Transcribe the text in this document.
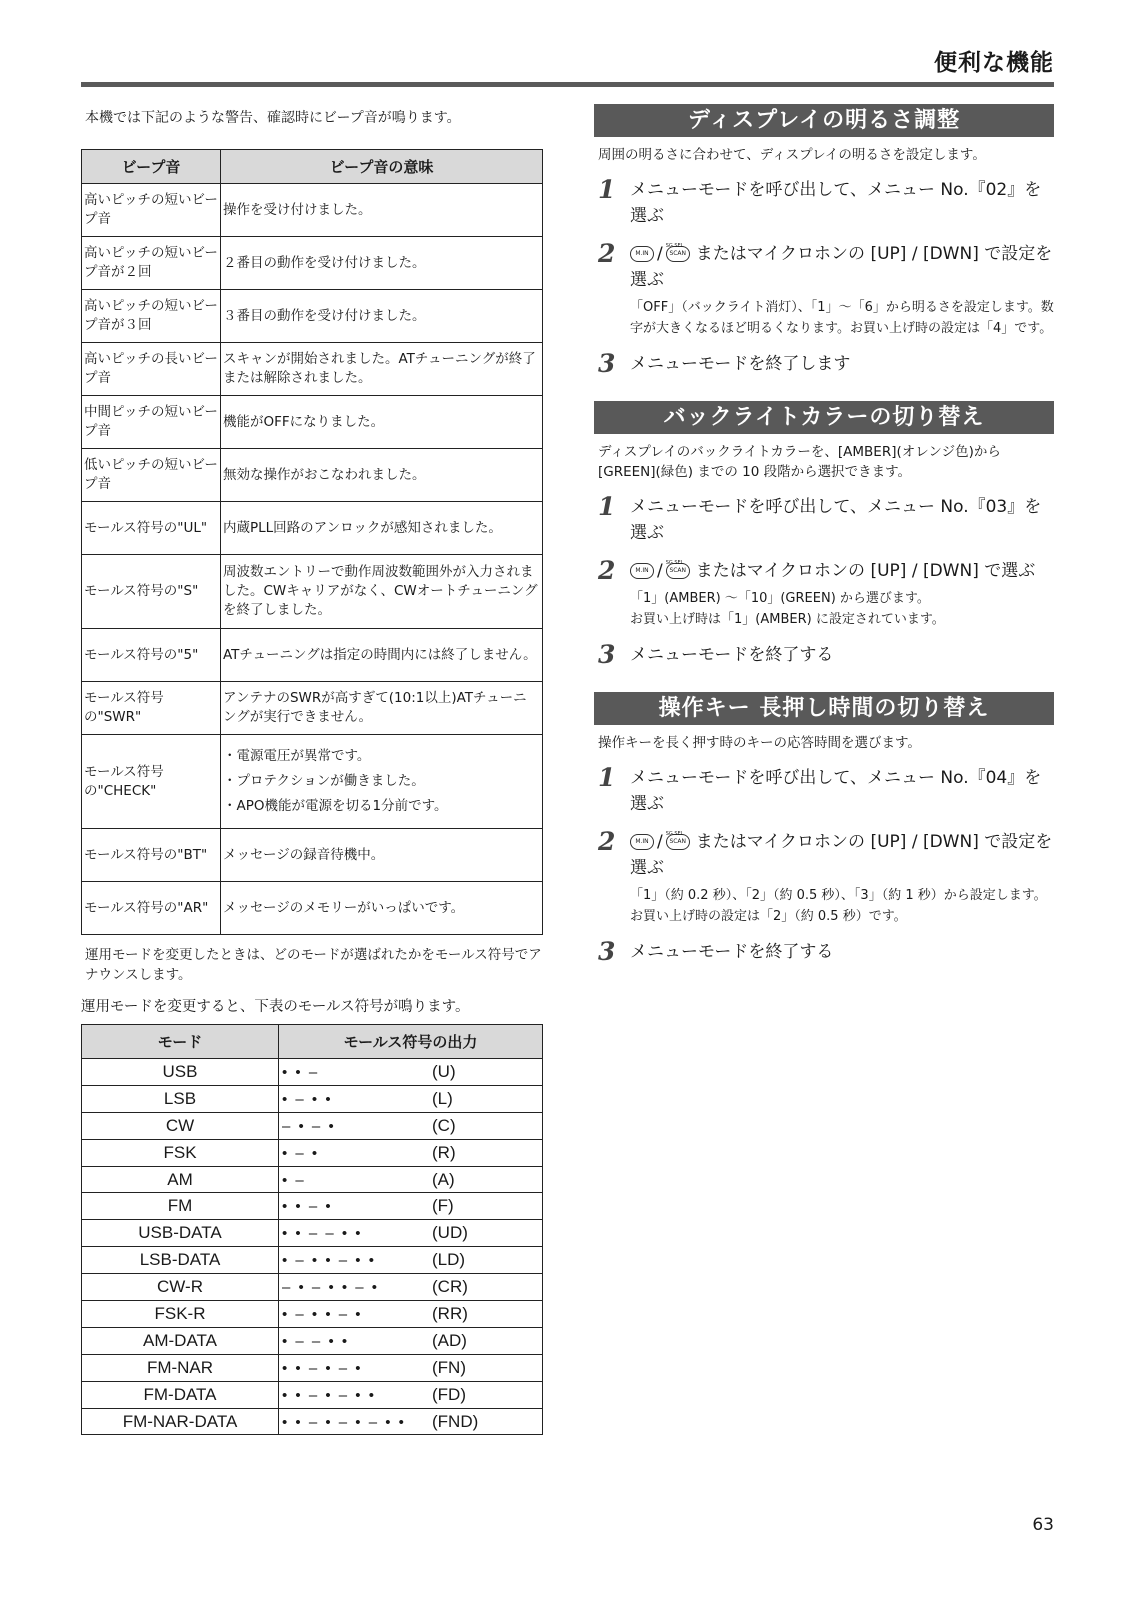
便利な機能
本機では下記のような警告、確認時にビープ音が鳴ります。
ビープ音	ビープ音の意味
高いピッチの短いビープ音	操作を受け付けました。
高いピッチの短いビープ音が２回	２番目の動作を受け付けました。
高いピッチの短いビープ音が３回	３番目の動作を受け付けました。
高いピッチの長いビープ音	スキャンが開始されました。ATチューニングが終了または解除されました。
中間ピッチの短いビープ音	機能がOFFになりました。
低いピッチの短いビープ音	無効な操作がおこなわれました。
モールス符号の"UL"	内蔵PLL回路のアンロックが感知されました。
モールス符号の"S"	周波数エントリーで動作周波数範囲外が入力されました。CWキャリアがなく、CWオートチューニングを終了しました。
モールス符号の"5"	ATチューニングは指定の時間内には終了しません。
モールス符号の"SWR"	アンテナのSWRが高すぎて(10:1以上)ATチューニングが実行できません。
モールス符号の"CHECK"	・電源電圧が異常です。
・プロテクションが働きました。
・APO機能が電源を切る1分前です。
モールス符号の"BT"	メッセージの録音待機中。
モールス符号の"AR"	メッセージのメモリーがいっぱいです。
運用モードを変更したときは、どのモードが選ばれたかをモールス符号でアナウンスします。
運用モードを変更すると、下表のモールス符号が鳴ります。
モード	モールス符号の出力
USB	• • – (U)
LSB	• – • • (L)
CW	– • – • (C)
FSK	• – • (R)
AM	• – (A)
FM	• • – • (F)
USB-DATA	• • – – • • (UD)
LSB-DATA	• – • • – • • (LD)
CW-R	– • – • • – • (CR)
FSK-R	• – • • – • (RR)
AM-DATA	• – – • • (AD)
FM-NAR	• • – • – • (FN)
FM-DATA	• • – • – • • (FD)
FM-NAR-DATA	• • – • – • – • • (FND)
ディスプレイの明るさ調整
周囲の明るさに合わせて、ディスプレイの明るさを設定します。
1 メニューモードを呼び出して、メニュー No.『02』を選ぶ
2	M.IN / SG.SEL
SCAN またはマイクロホンの [UP] / [DWN] で設定を選ぶ
「OFF」（バックライト消灯）、「1」～「6」から明るさを設定します。数字が大きくなるほど明るくなります。お買い上げ時の設定は「4」です。
3 メニューモードを終了します
バックライトカラーの切り替え
ディスプレイのバックライトカラーを、[AMBER](オレンジ色)から [GREEN](緑色) までの 10 段階から選択できます。
1 メニューモードを呼び出して、メニュー No.『03』を選ぶ
2	M.IN / SG.SEL
SCAN またはマイクロホンの [UP] / [DWN] で選ぶ
「1」(AMBER) ～「10」(GREEN) から選びます。
お買い上げ時は「1」(AMBER) に設定されています。
3 メニューモードを終了する
操作キー 長押し時間の切り替え
操作キーを長く押す時のキーの応答時間を選びます。
1 メニューモードを呼び出して、メニュー No.『04』を選ぶ
2	M.IN / SG.SEL
SCAN またはマイクロホンの [UP] / [DWN] で設定を選ぶ
「1」（約 0.2 秒）、「2」（約 0.5 秒）、「3」（約 1 秒）から設定します。お買い上げ時の設定は「2」（約 0.5 秒）です。
3 メニューモードを終了する
63
